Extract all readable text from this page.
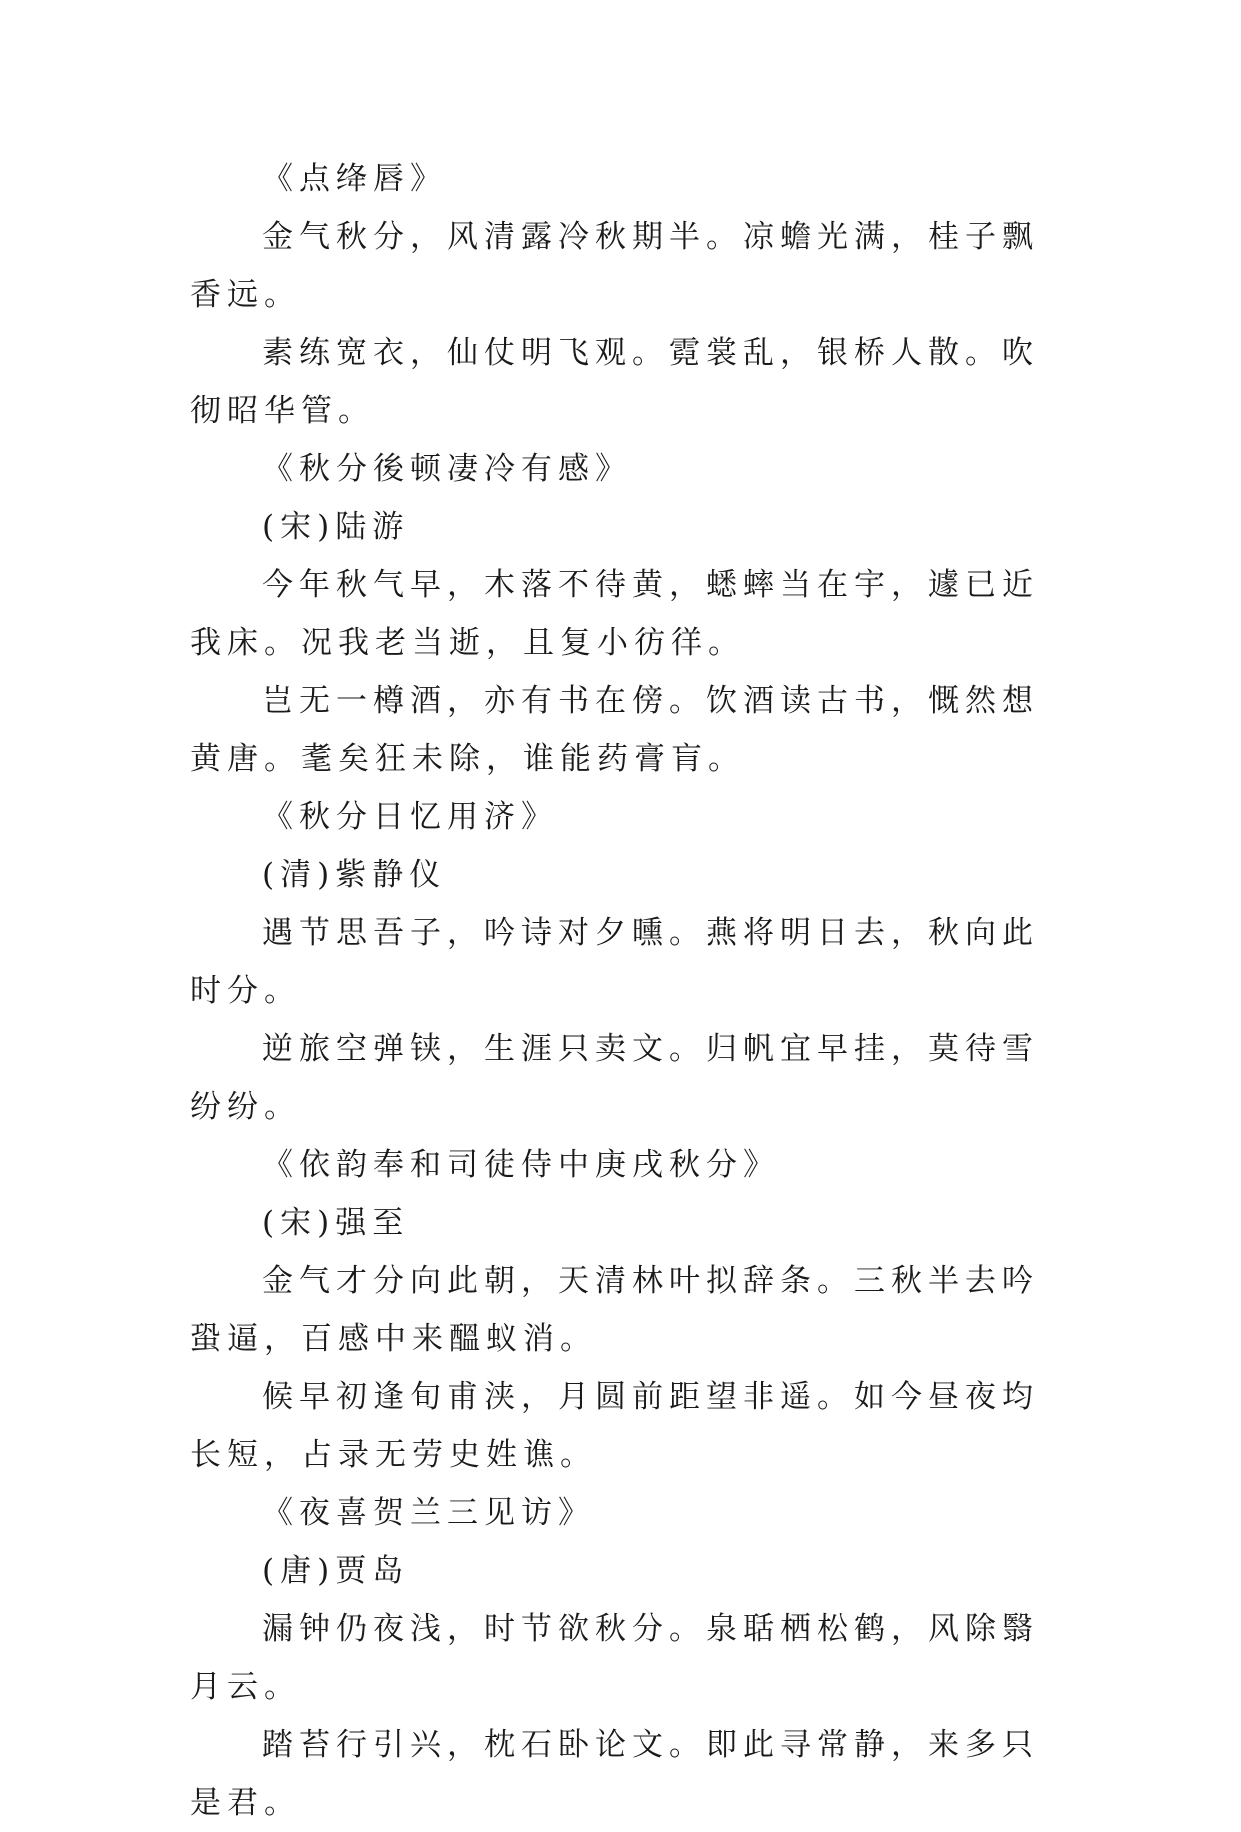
《点绛唇》

金气秋分，风清露冷秋期半。凉蟾光满，桂子飘香远。

素练宽衣，仙仗明飞观。霓裳乱，银桥人散。吹彻昭华管。

《秋分後顿凄冷有感》

(宋)陆游

今年秋气早，木落不待黄，蟋蟀当在宇，遽已近我床。况我老当逝，且复小彷徉。

岂无一樽酒，亦有书在傍。饮酒读古书，慨然想黄唐。耄矣狂未除，谁能药膏肓。

《秋分日忆用济》

(清)紫静仪

遇节思吾子，吟诗对夕曛。燕将明日去，秋向此时分。

逆旅空弹铗，生涯只卖文。归帆宜早挂，莫待雪纷纷。

《依韵奉和司徒侍中庚戌秋分》

(宋)强至

金气才分向此朝，天清林叶拟辞条。三秋半去吟蛩逼，百感中来醞蚁消。

候早初逢旬甫浃，月圆前距望非遥。如今昼夜均长短，占录无劳史姓谯。

《夜喜贺兰三见访》

(唐)贾岛

漏钟仍夜浅，时节欲秋分。泉聒栖松鹤，风除翳月云。

踏苔行引兴，枕石卧论文。即此寻常静，来多只是君。
